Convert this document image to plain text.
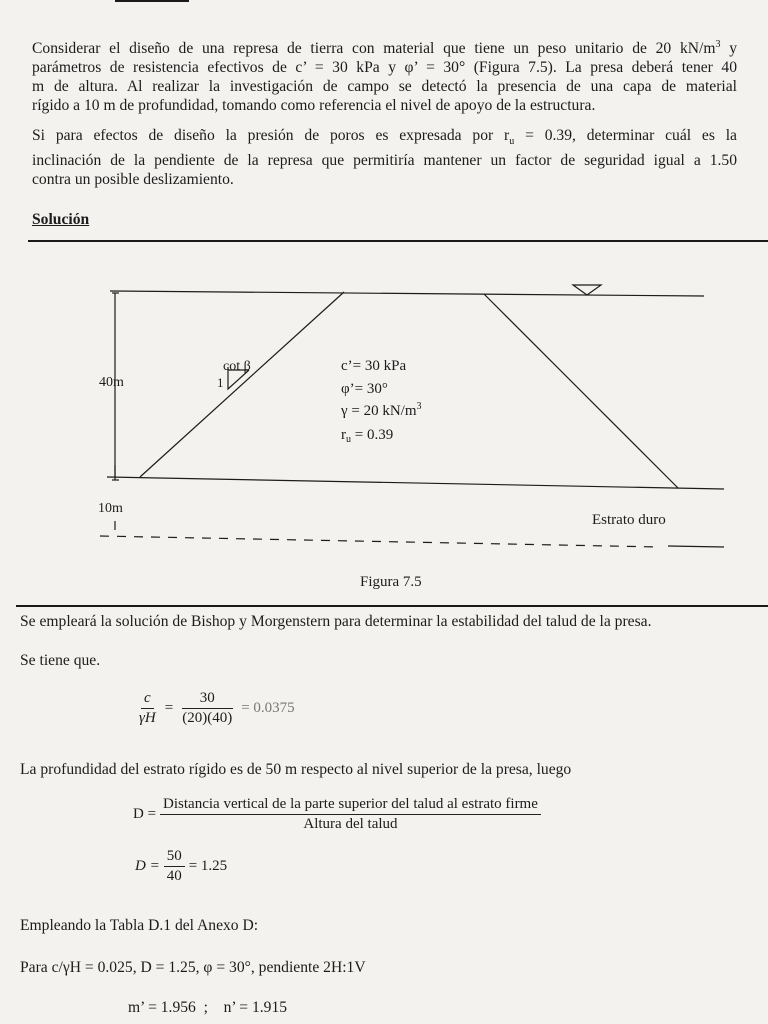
Considerar el diseño de una represa de tierra con material que tiene un peso unitario de 20 $kN/m^3$ y
parámetros de resistencia efectivos de c’ = 30 kPa y φ’ = 30° (Figura 7.5). La presa deberá tener 40
m de altura. Al realizar la investigación de campo se detectó la presencia de una capa de material
rígido a 10 m de profundidad, tomando como referencia el nivel de apoyo de la estructura.
Si para efectos de diseño la presión de poros es expresada por $r_u = 0.39$, determinar cuál es la
inclinación de la pendiente de la represa que permitiría mantener un factor de seguridad igual a 1.50
contra un posible deslizamiento.
Solución
40m
10m
cot β
1
c’= 30 kPa
φ’= 30°
γ = 20 $kN/m^3$
$r_u = 0.39$
Estrato duro
Figura 7.5
Se empleará la solución de Bishop y Morgenstern para determinar la estabilidad del talud de la presa.
Se tiene que.
$\frac{c}{\gamma H} = \frac{30}{(20)(40)} = 0.0375$
La profundidad del estrato rígido es de 50 m respecto al nivel superior de la presa, luego
D =
Distancia vertical de la parte superior del talud al estrato firme
Altura del talud
$D = \frac{50}{40} = 1.25$
Empleando la Tabla D.1 del Anexo D:
Para c/γH = 0.025, D = 1.25, φ = 30°, pendiente 2H:1V
m’ = 1.956  ;    n’ = 1.915
